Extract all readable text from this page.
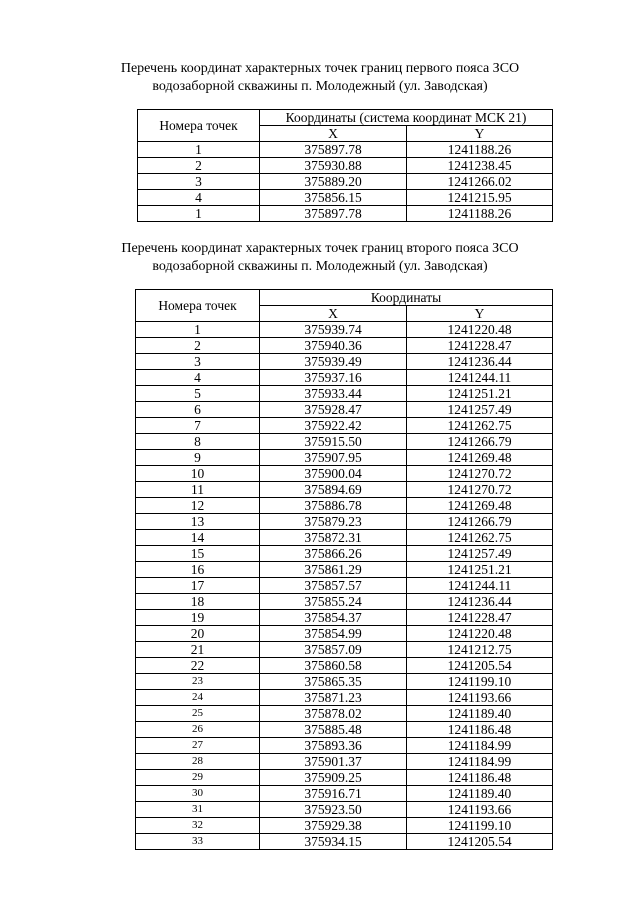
Перечень координат характерных точек границ первого пояса ЗСО
водозаборной скважины п. Молодежный (ул. Заводская)
Номера точек	Координаты (система координат МСК 21)	
	X	Y
1	375897.78	1241188.26
2	375930.88	1241238.45
3	375889.20	1241266.02
4	375856.15	1241215.95
1	375897.78	1241188.26
Перечень координат характерных точек границ второго пояса ЗСО
водозаборной скважины п. Молодежный (ул. Заводская)
Номера точек	Координаты	
	X	Y
1	375939.74	1241220.48
2	375940.36	1241228.47
3	375939.49	1241236.44
4	375937.16	1241244.11
5	375933.44	1241251.21
6	375928.47	1241257.49
7	375922.42	1241262.75
8	375915.50	1241266.79
9	375907.95	1241269.48
10	375900.04	1241270.72
11	375894.69	1241270.72
12	375886.78	1241269.48
13	375879.23	1241266.79
14	375872.31	1241262.75
15	375866.26	1241257.49
16	375861.29	1241251.21
17	375857.57	1241244.11
18	375855.24	1241236.44
19	375854.37	1241228.47
20	375854.99	1241220.48
21	375857.09	1241212.75
22	375860.58	1241205.54
23	375865.35	1241199.10
24	375871.23	1241193.66
25	375878.02	1241189.40
26	375885.48	1241186.48
27	375893.36	1241184.99
28	375901.37	1241184.99
29	375909.25	1241186.48
30	375916.71	1241189.40
31	375923.50	1241193.66
32	375929.38	1241199.10
33	375934.15	1241205.54
